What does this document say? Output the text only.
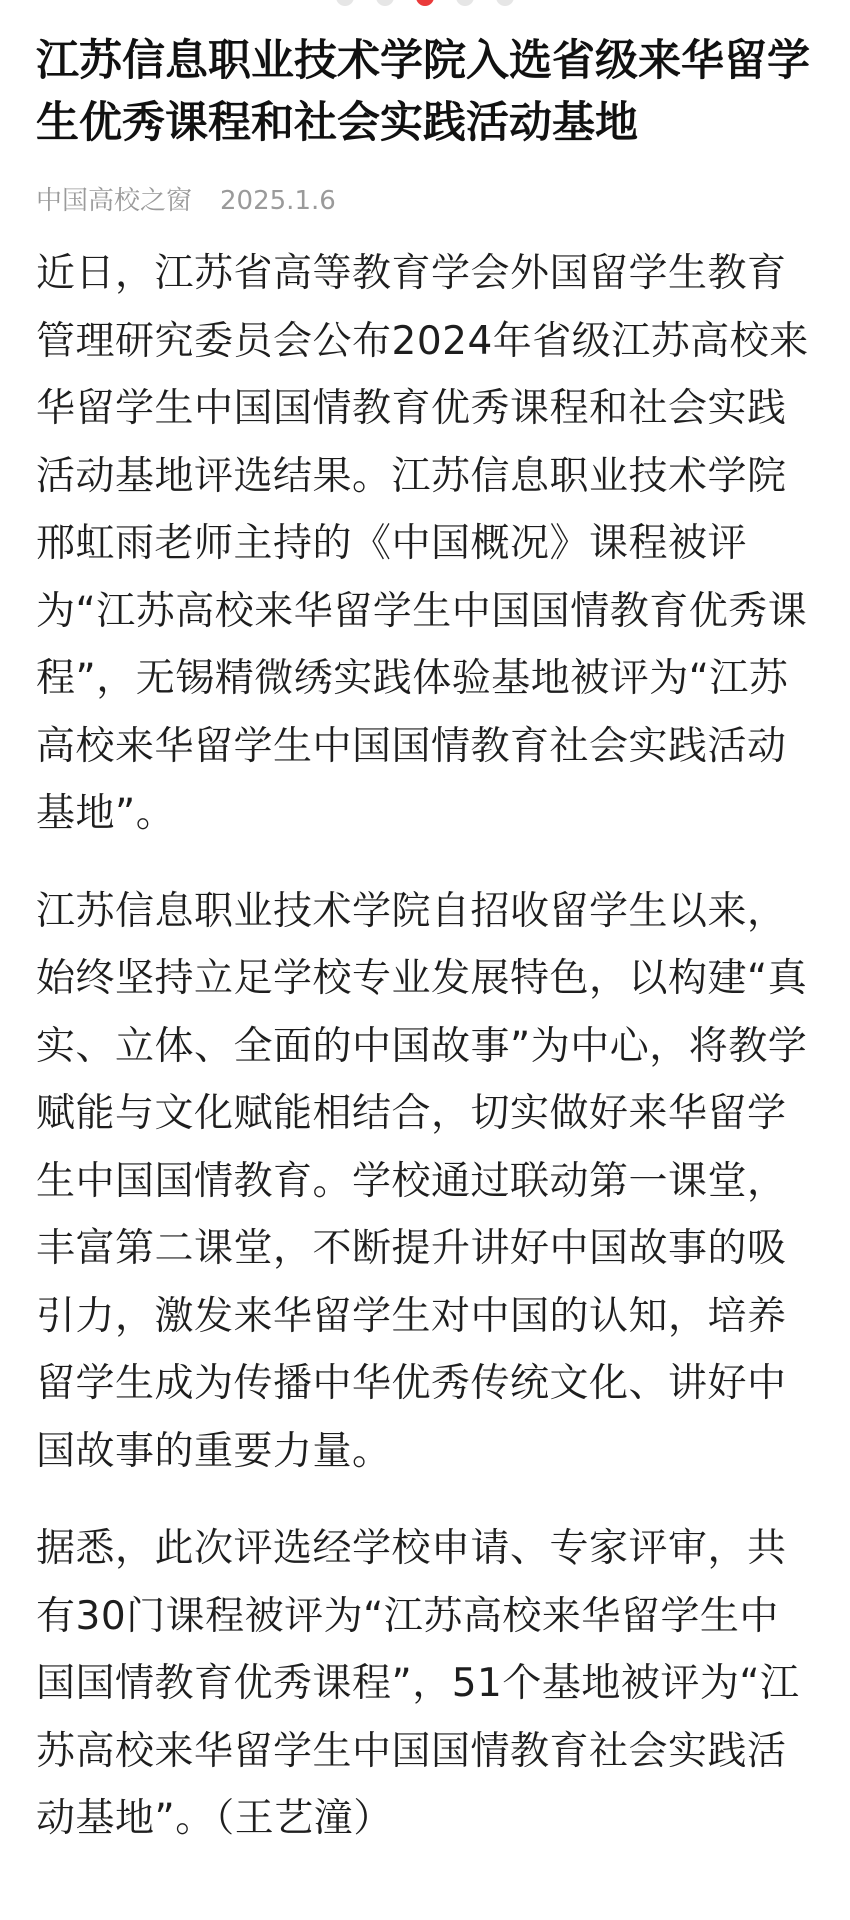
江苏信息职业技术学院入选省级来华留学生优秀课程和社会实践活动基地
中国高校之窗 2025.1.6

近日，江苏省高等教育学会外国留学生教育管理研究委员会公布2024年省级江苏高校来华留学生中国国情教育优秀课程和社会实践活动基地评选结果。江苏信息职业技术学院邢虹雨老师主持的《中国概况》课程被评为“江苏高校来华留学生中国国情教育优秀课程”，无锡精微绣实践体验基地被评为“江苏高校来华留学生中国国情教育社会实践活动基地”。

江苏信息职业技术学院自招收留学生以来，始终坚持立足学校专业发展特色，以构建“真实、立体、全面的中国故事”为中心，将教学赋能与文化赋能相结合，切实做好来华留学生中国国情教育。学校通过联动第一课堂，丰富第二课堂，不断提升讲好中国故事的吸引力，激发来华留学生对中国的认知，培养留学生成为传播中华优秀传统文化、讲好中国故事的重要力量。

据悉，此次评选经学校申请、专家评审，共有30门课程被评为“江苏高校来华留学生中国国情教育优秀课程”，51个基地被评为“江苏高校来华留学生中国国情教育社会实践活动基地”。（王艺潼）
